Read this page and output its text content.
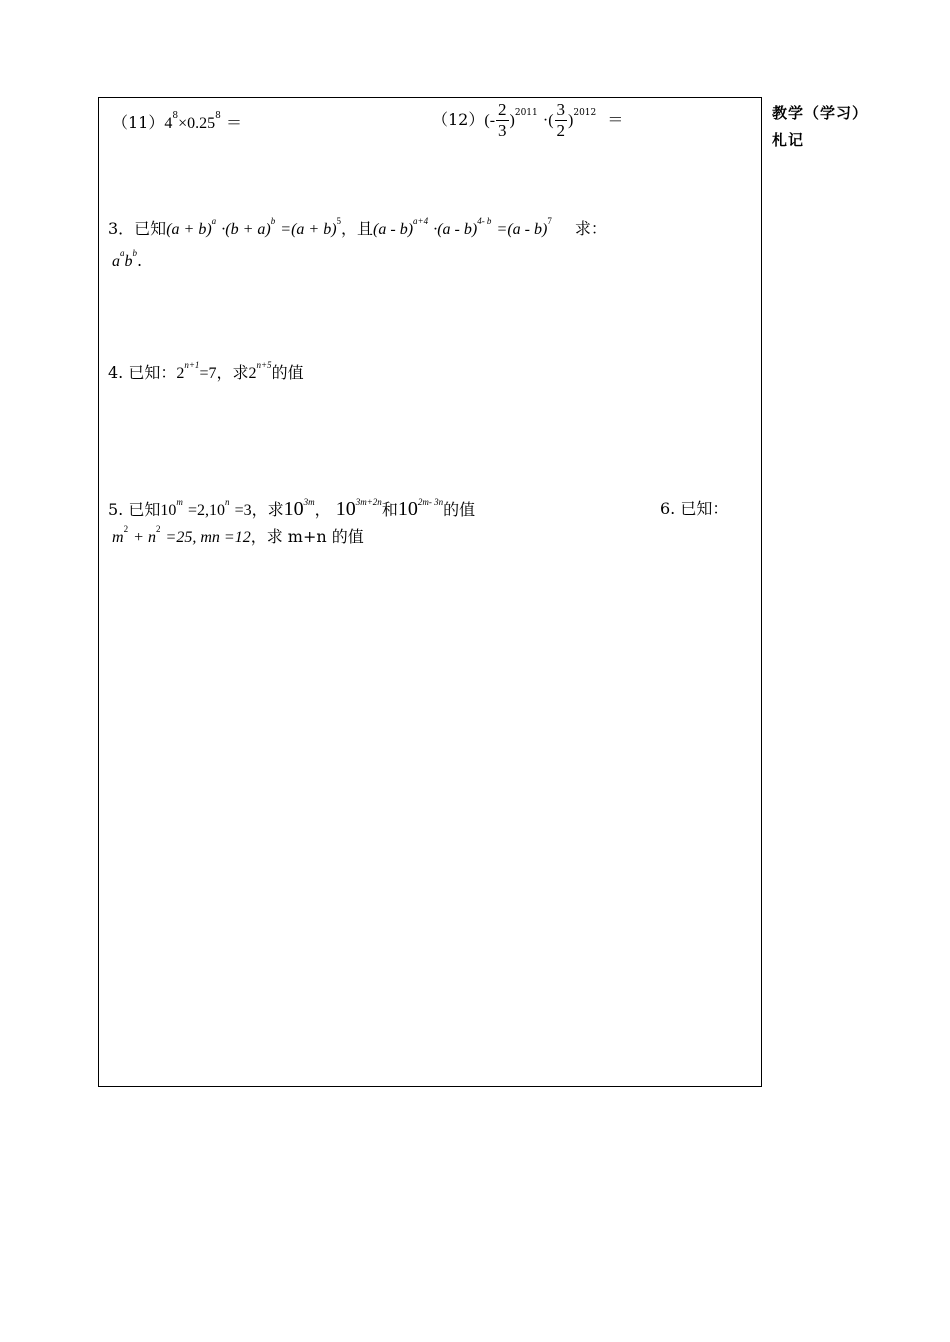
教学（学习）
札记
$(11)4^8\times 0.25^8$ ＝	$(12)(- \frac{2}{3} )^{2011}$ ·( $\frac{3}{2} )^{2012}$ ＝
3．已知$(a + b)^a \cdot(b + a)^b =(a + b)^5$，且(a - b)$^{a+4}$ ·(a - b)$^{4- b}$ =(a - b)$^7$ 求：
$a^ab^b$.
4. 已知：$2^{n+1}=7$，求$2^{n+5}$的值
5. 已知$10^m =2,10^n =3$，求$10^{3m}$， $10^{3m+2n}$和$10^{2m- 3n}$的值	6. 已知：
$m^2 + n^2 =25$, mn =12，求 m+n 的值
